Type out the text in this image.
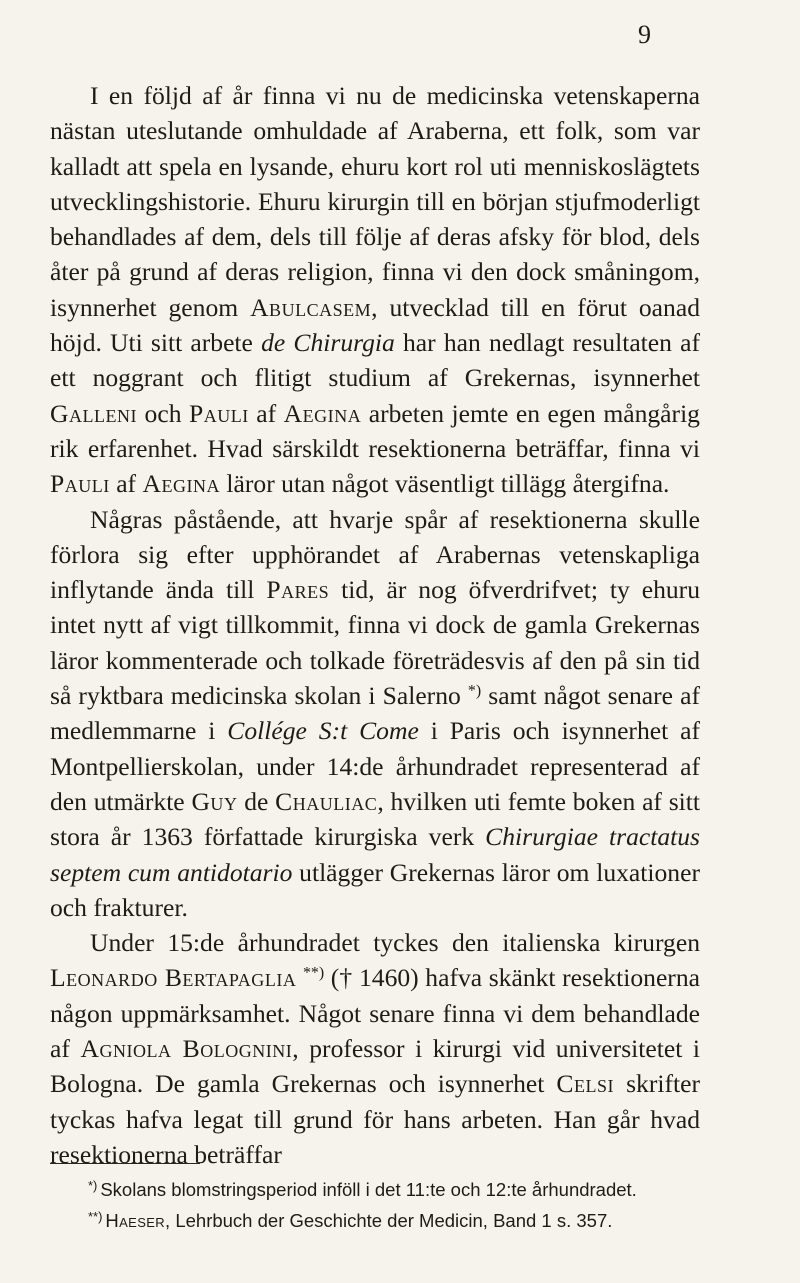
9

I en följd af år finna vi nu de medicinska vetenskaperna nästan uteslutande omhuldade af Araberna, ett folk, som var kalladt att spela en lysande, ehuru kort rol uti menniskoslägtets utvecklingshistorie. Ehuru kirurgin till en början stjufmoderligt behandlades af dem, dels till följe af deras afsky för blod, dels åter på grund af deras religion, finna vi den dock småningom, isynnerhet genom Abulcasem, utvecklad till en förut oanad höjd. Uti sitt arbete de Chirurgia har han nedlagt resultaten af ett noggrant och flitigt studium af Grekernas, isynnerhet Galleni och Pauli af Aegina arbeten jemte en egen mångårig rik erfarenhet. Hvad särskildt resektionerna beträffar, finna vi Pauli af Aegina läror utan något väsentligt tillägg återgifna.

Någras påstående, att hvarje spår af resektionerna skulle förlora sig efter upphörandet af Arabernas vetenskapliga inflytande ända till Pares tid, är nog öfverdrifvet; ty ehuru intet nytt af vigt tillkommit, finna vi dock de gamla Grekernas läror kommenterade och tolkade företrädesvis af den på sin tid så ryktbara medicinska skolan i Salerno *) samt något senare af medlemmarne i Collége S:t Come i Paris och isynnerhet af Montpellierskolan, under 14:de århundradet representerad af den utmärkte Guy de Chauliac, hvilken uti femte boken af sitt stora år 1363 författade kirurgiska verk Chirurgiae tractatus septem cum antidotario utlägger Grekernas läror om luxationer och frakturer.

Under 15:de århundradet tyckes den italienska kirurgen Leonardo Bertapaglia **) († 1460) hafva skänkt resektionerna någon uppmärksamhet. Något senare finna vi dem behandlade af Agniola Bolognini, professor i kirurgi vid universitetet i Bologna. De gamla Grekernas och isynnerhet Celsi skrifter tyckas hafva legat till grund för hans arbeten. Han går hvad resektionerna beträffar

*) Skolans blomstringsperiod inföll i det 11:te och 12:te århundradet.
**) Haeser, Lehrbuch der Geschichte der Medicin, Band 1 s. 357.
